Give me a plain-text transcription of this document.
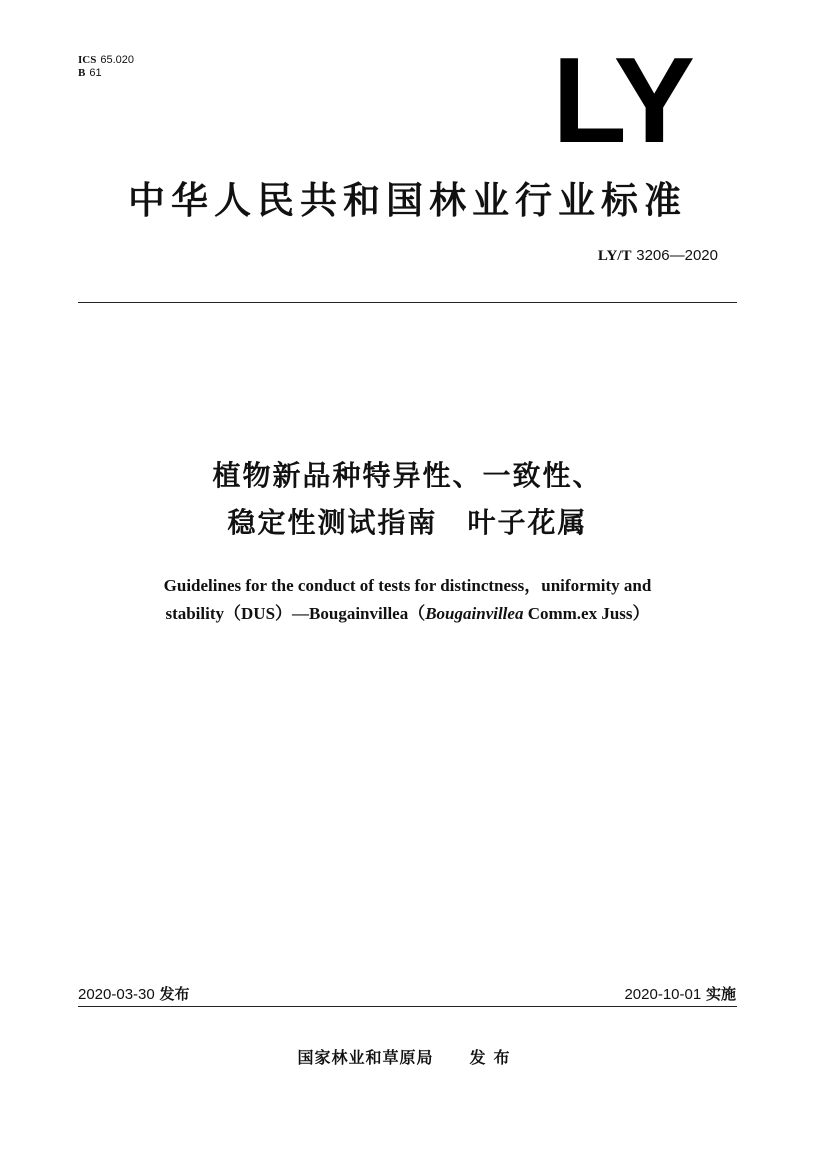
ICS 65.020
B 61	LY
中华人民共和国林业行业标准
LY/T 3206—2020
植物新品种特异性、一致性、
稳定性测试指南　叶子花属
Guidelines for the conduct of tests for distinctness，uniformity and
stability（DUS）—Bougainvillea（Bougainvillea Comm.ex Juss）
2020-03-30 发布	2020-10-01 实施
国家林业和草原局 发布
